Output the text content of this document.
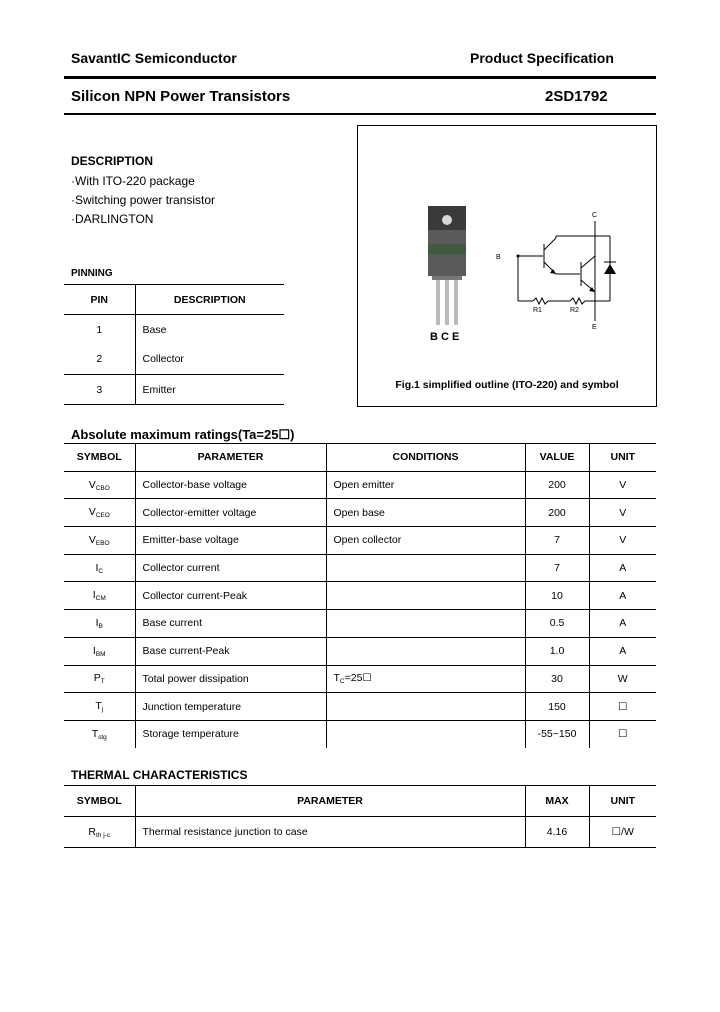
SavantIC Semiconductor	Product Specification
Silicon NPN Power Transistors	2SD1792
DESCRIPTION
·With ITO-220 package
·Switching power transistor
·DARLINGTON
PINNING
PIN	DESCRIPTION
1	Base
2	Collector
3	Emitter
B C E
C
B
E
R1	R2
Fig.1 simplified outline (ITO-220) and symbol
Absolute maximum ratings(Ta=25☐)
SYMBOL	PARAMETER	CONDITIONS	VALUE	UNIT
$V_{CBO}$	Collector-base voltage	Open emitter	200	V
$V_{CEO}$	Collector-emitter voltage	Open base	200	V
$V_{EBO}$	Emitter-base voltage	Open collector	7	V
$I_C$	Collector current		7	A
$I_{CM}$	Collector current-Peak		10	A
$I_B$	Base current		0.5	A
$I_{BM}$	Base current-Peak		1.0	A
$P_T$	Total power dissipation	$T_C=25☐$	30	W
$T_j$	Junction temperature		150	☐
$T_{stg}$	Storage temperature		-55~150	☐
THERMAL CHARACTERISTICS
SYMBOL	PARAMETER	MAX	UNIT
$R_{th j-c}$	Thermal resistance junction to case	4.16	☐/W
